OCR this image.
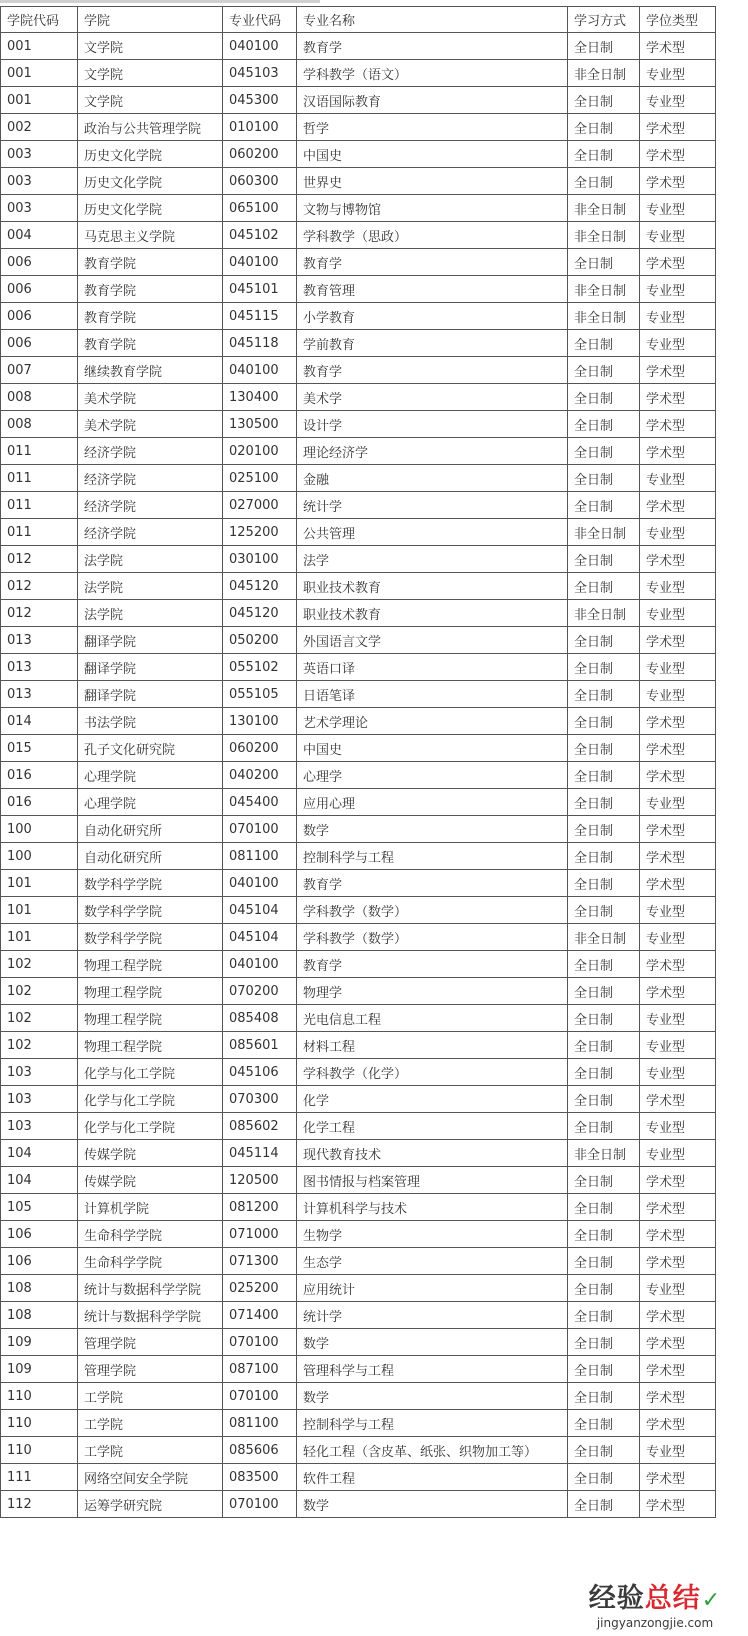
学院代码	学院	专业代码	专业名称	学习方式	学位类型
001	文学院	040100	教育学	全日制	学术型
001	文学院	045103	学科教学（语文）	非全日制	专业型
001	文学院	045300	汉语国际教育	全日制	专业型
002	政治与公共管理学院	010100	哲学	全日制	学术型
003	历史文化学院	060200	中国史	全日制	学术型
003	历史文化学院	060300	世界史	全日制	学术型
003	历史文化学院	065100	文物与博物馆	非全日制	专业型
004	马克思主义学院	045102	学科教学（思政）	非全日制	专业型
006	教育学院	040100	教育学	全日制	学术型
006	教育学院	045101	教育管理	非全日制	专业型
006	教育学院	045115	小学教育	非全日制	专业型
006	教育学院	045118	学前教育	全日制	专业型
007	继续教育学院	040100	教育学	全日制	学术型
008	美术学院	130400	美术学	全日制	学术型
008	美术学院	130500	设计学	全日制	学术型
011	经济学院	020100	理论经济学	全日制	学术型
011	经济学院	025100	金融	全日制	专业型
011	经济学院	027000	统计学	全日制	学术型
011	经济学院	125200	公共管理	非全日制	专业型
012	法学院	030100	法学	全日制	学术型
012	法学院	045120	职业技术教育	全日制	专业型
012	法学院	045120	职业技术教育	非全日制	专业型
013	翻译学院	050200	外国语言文学	全日制	学术型
013	翻译学院	055102	英语口译	全日制	专业型
013	翻译学院	055105	日语笔译	全日制	专业型
014	书法学院	130100	艺术学理论	全日制	学术型
015	孔子文化研究院	060200	中国史	全日制	学术型
016	心理学院	040200	心理学	全日制	学术型
016	心理学院	045400	应用心理	全日制	专业型
100	自动化研究所	070100	数学	全日制	学术型
100	自动化研究所	081100	控制科学与工程	全日制	学术型
101	数学科学学院	040100	教育学	全日制	学术型
101	数学科学学院	045104	学科教学（数学）	全日制	专业型
101	数学科学学院	045104	学科教学（数学）	非全日制	专业型
102	物理工程学院	040100	教育学	全日制	学术型
102	物理工程学院	070200	物理学	全日制	学术型
102	物理工程学院	085408	光电信息工程	全日制	专业型
102	物理工程学院	085601	材料工程	全日制	专业型
103	化学与化工学院	045106	学科教学（化学）	全日制	专业型
103	化学与化工学院	070300	化学	全日制	学术型
103	化学与化工学院	085602	化学工程	全日制	专业型
104	传媒学院	045114	现代教育技术	非全日制	专业型
104	传媒学院	120500	图书情报与档案管理	全日制	学术型
105	计算机学院	081200	计算机科学与技术	全日制	学术型
106	生命科学学院	071000	生物学	全日制	学术型
106	生命科学学院	071300	生态学	全日制	学术型
108	统计与数据科学学院	025200	应用统计	全日制	专业型
108	统计与数据科学学院	071400	统计学	全日制	学术型
109	管理学院	070100	数学	全日制	学术型
109	管理学院	087100	管理科学与工程	全日制	学术型
110	工学院	070100	数学	全日制	学术型
110	工学院	081100	控制科学与工程	全日制	学术型
110	工学院	085606	轻化工程（含皮革、纸张、织物加工等）	全日制	专业型
111	网络空间安全学院	083500	软件工程	全日制	学术型
112	运筹学研究院	070100	数学	全日制	学术型
经验总结✓
jingyanzongjie.com
